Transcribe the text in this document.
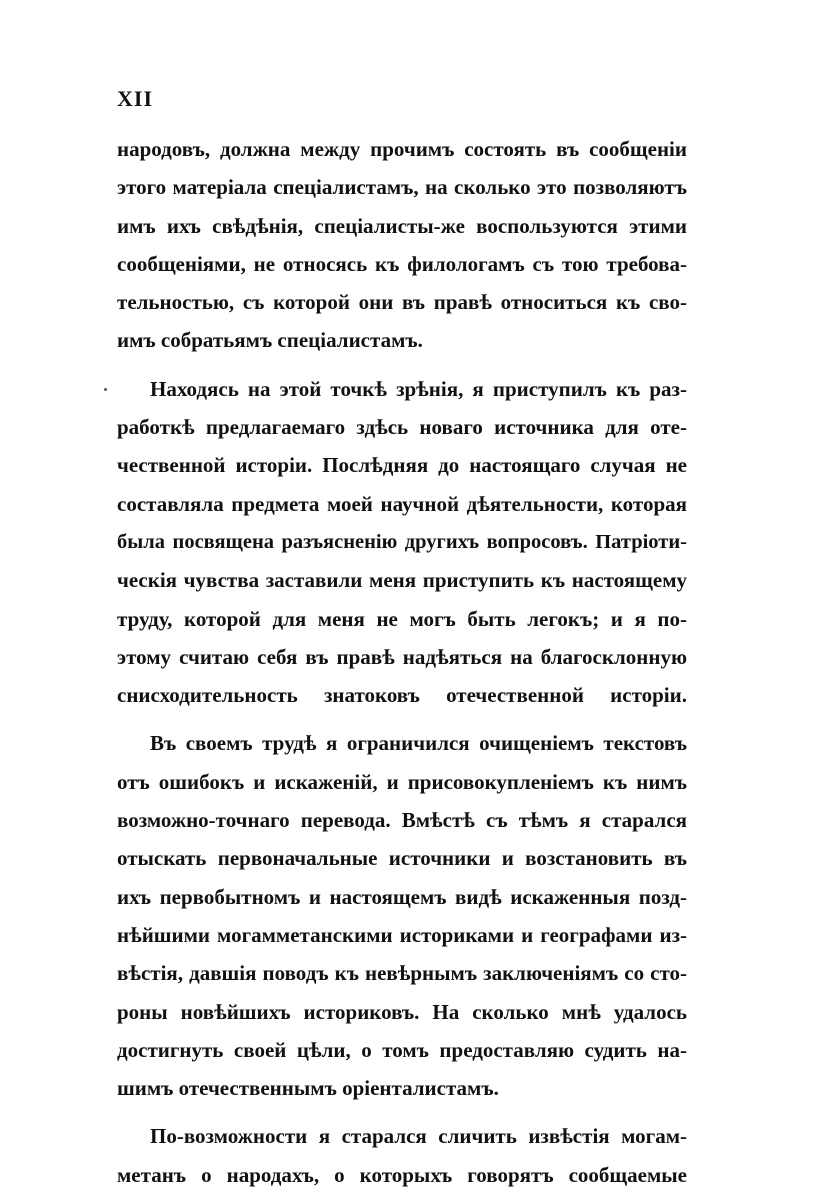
XII
народовъ, должна между прочимъ состоять въ сообщеніи
этого матеріала спеціалистамъ, на сколько это позволяютъ
имъ ихъ свѣдѣнія, спеціалисты-же воспользуются этими
сообщеніями, не относясь къ филологамъ съ тою требова-
тельностью, съ которой они въ правѣ относиться къ сво-
имъ собратьямъ спеціалистамъ.
Находясь на этой точкѣ зрѣнія, я приступилъ къ раз-
работкѣ предлагаемаго здѣсь новаго источника для оте-
чественной исторіи. Послѣдняя до настоящаго случая не
составляла предмета моей научной дѣятельности, которая
была посвящена разъясненію другихъ вопросовъ. Патріоти-
ческія чувства заставили меня приступить къ настоящему
труду, которой для меня не могъ быть легокъ; и я по-
этому считаю себя въ правѣ надѣяться на благосклонную
снисходительность знатоковъ отечественной исторіи.
Въ своемъ трудѣ я ограничился очищеніемъ текстовъ
отъ ошибокъ и искаженій, и присовокупленіемъ къ нимъ
возможно-точнаго перевода. Вмѣстѣ съ тѣмъ я старался
отыскать первоначальные источники и возстановить въ
ихъ первобытномъ и настоящемъ видѣ искаженныя позд-
нѣйшими могамметанскими историками и географами из-
вѣстія, давшія поводъ къ невѣрнымъ заключеніямъ со сто-
роны новѣйшихъ историковъ. На сколько мнѣ удалось
достигнуть своей цѣли, о томъ предоставляю судить на-
шимъ отечественнымъ оріенталистамъ.
По-возможности я старался сличить извѣстія могам-
метанъ о народахъ, о которыхъ говорятъ сообщаемые
